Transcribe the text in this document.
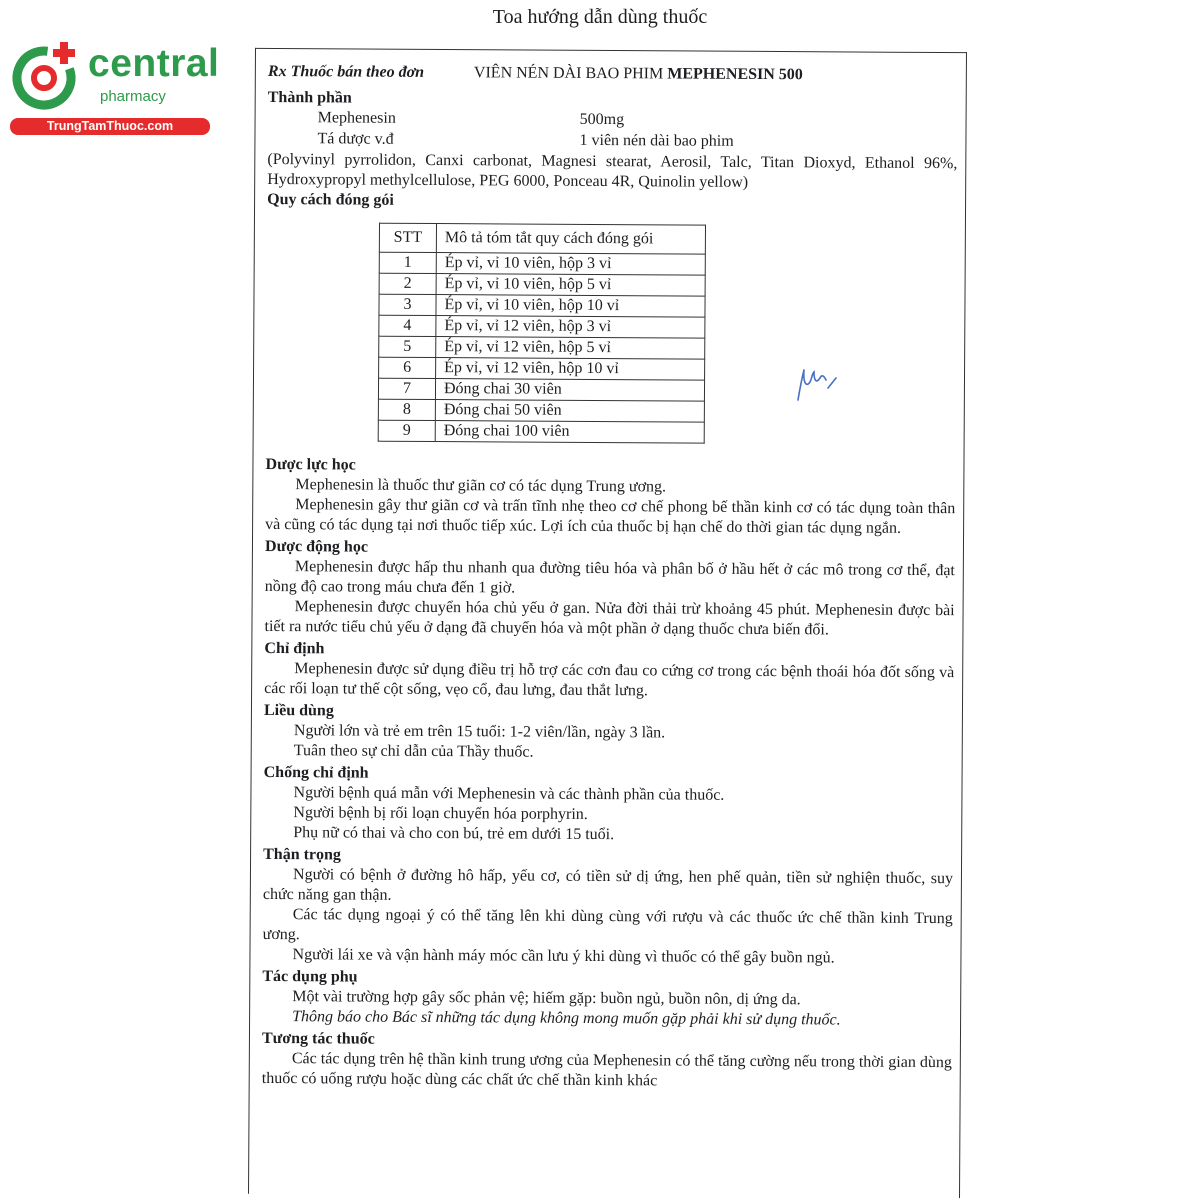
Toa hướng dẫn dùng thuốc
central
pharmacy
TrungTamThuoc.com
Rx Thuốc bán theo đơn	VIÊN NÉN DÀI BAO PHIM MEPHENESIN 500
Thành phần
Mephenesin	500mg
Tá dược v.đ	1 viên nén dài bao phim

(Polyvinyl pyrrolidon, Canxi carbonat, Magnesi stearat, Aerosil, Talc, Titan Dioxyd, Ethanol 96%, Hydroxypropyl methylcellulose, PEG 6000, Ponceau 4R, Quinolin yellow)

Quy cách đóng gói
STT	Mô tả tóm tắt quy cách đóng gói
1	Ép vỉ, vỉ 10 viên, hộp 3 vỉ
2	Ép vỉ, vỉ 10 viên, hộp 5 vỉ
3	Ép vỉ, vỉ 10 viên, hộp 10 vỉ
4	Ép vỉ, vỉ 12 viên, hộp 3 vỉ
5	Ép vỉ, vỉ 12 viên, hộp 5 vỉ
6	Ép vỉ, vỉ 12 viên, hộp 10 vỉ
7	Đóng chai 30 viên
8	Đóng chai 50 viên
9	Đóng chai 100 viên
Dược lực học

Mephenesin là thuốc thư giãn cơ có tác dụng Trung ương.

Mephenesin gây thư giãn cơ và trấn tĩnh nhẹ theo cơ chế phong bế thần kinh cơ có tác dụng toàn thân và cũng có tác dụng tại nơi thuốc tiếp xúc. Lợi ích của thuốc bị hạn chế do thời gian tác dụng ngắn.

Dược động học

Mephenesin được hấp thu nhanh qua đường tiêu hóa và phân bố ở hầu hết ở các mô trong cơ thể, đạt nồng độ cao trong máu chưa đến 1 giờ.

Mephenesin được chuyển hóa chủ yếu ở gan. Nửa đời thải trừ khoảng 45 phút. Mephenesin được bài tiết ra nước tiểu chủ yếu ở dạng đã chuyển hóa và một phần ở dạng thuốc chưa biến đổi.

Chỉ định

Mephenesin được sử dụng điều trị hỗ trợ các cơn đau co cứng cơ trong các bệnh thoái hóa đốt sống và các rối loạn tư thế cột sống, vẹo cổ, đau lưng, đau thắt lưng.

Liều dùng

Người lớn và trẻ em trên 15 tuổi: 1-2 viên/lần, ngày 3 lần.

Tuân theo sự chỉ dẫn của Thầy thuốc.

Chống chỉ định

Người bệnh quá mẫn với Mephenesin và các thành phần của thuốc.

Người bệnh bị rối loạn chuyển hóa porphyrin.

Phụ nữ có thai và cho con bú, trẻ em dưới 15 tuổi.

Thận trọng

Người có bệnh ở đường hô hấp, yếu cơ, có tiền sử dị ứng, hen phế quản, tiền sử nghiện thuốc, suy chức năng gan thận.

Các tác dụng ngoại ý có thể tăng lên khi dùng cùng với rượu và các thuốc ức chế thần kinh Trung ương.

Người lái xe và vận hành máy móc cần lưu ý khi dùng vì thuốc có thể gây buồn ngủ.

Tác dụng phụ

Một vài trường hợp gây sốc phản vệ; hiếm gặp: buồn ngủ, buồn nôn, dị ứng da.

Thông báo cho Bác sĩ những tác dụng không mong muốn gặp phải khi sử dụng thuốc.

Tương tác thuốc

Các tác dụng trên hệ thần kinh trung ương của Mephenesin có thể tăng cường nếu trong thời gian dùng thuốc có uống rượu hoặc dùng các chất ức chế thần kinh khác
